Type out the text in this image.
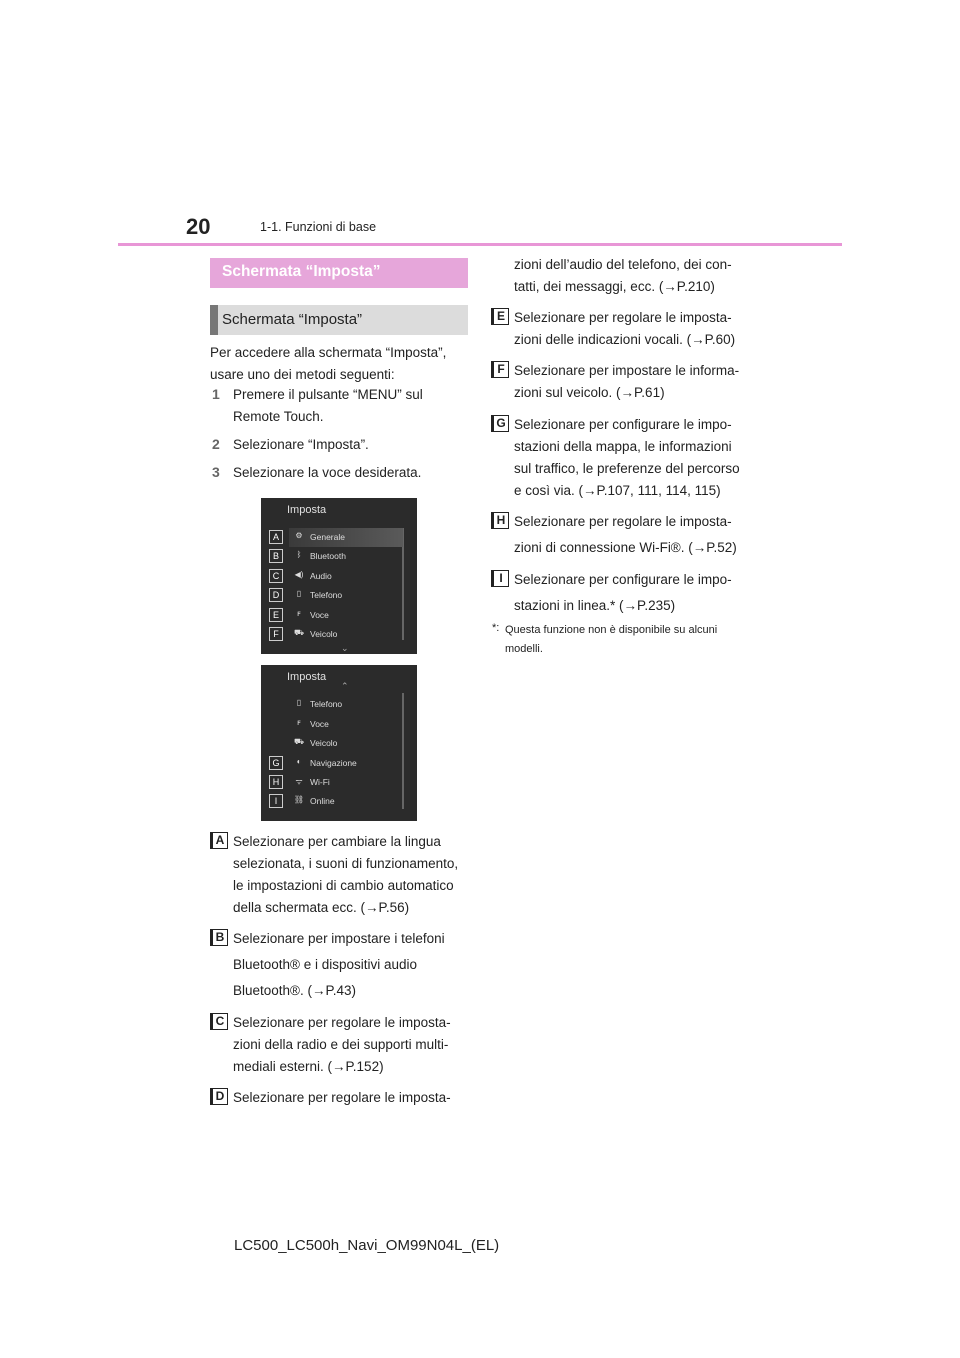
20	1-1. Funzioni di base
Schermata “Imposta”
Schermata “Imposta”
Per accedere alla schermata “Imposta”, usare uno dei metodi seguenti:
1 Premere il pulsante “MENU” sul
Remote Touch.
2 Selezionare “Imposta”.
3 Selezionare la voce desiderata.
Imposta
⚙ Generale
ᛒ	Bluetooth
◀) Audio
▯	Telefono
ꜰ	Voce
⛟ Veicolo
A
B
C
D
E
F
⌄
Imposta
⌃
▯	Telefono
ꜰ	Voce
⛟ Veicolo
◐	Navigazione
ᯤ Wi-Fi
⛓ Online
G
H
I
A Selezionare per cambiare la lingua
selezionata, i suoni di funzionamento,
le impostazioni di cambio automatico
della schermata ecc. (→P.56)
B Selezionare per impostare i telefoni
Bluetooth® e i dispositivi audio
Bluetooth®. (→P.43)
C Selezionare per regolare le imposta-
zioni della radio e dei supporti multi-
mediali esterni. (→P.152)
D Selezionare per regolare le imposta-
zioni dell’audio del telefono, dei con-
tatti, dei messaggi, ecc. (→P.210)
E Selezionare per regolare le imposta-
zioni delle indicazioni vocali. (→P.60)
F Selezionare per impostare le informa-
zioni sul veicolo. (→P.61)
G Selezionare per configurare le impo-
stazioni della mappa, le informazioni
sul traffico, le preferenze del percorso
e così via. (→P.107, 111, 114, 115)
H Selezionare per regolare le imposta-
zioni di connessione Wi-Fi®. (→P.52)
I Selezionare per configurare le impo-
stazioni in linea.* (→P.235)
*: Questa funzione non è disponibile su alcuni
modelli.
LC500_LC500h_Navi_OM99N04L_(EL)
